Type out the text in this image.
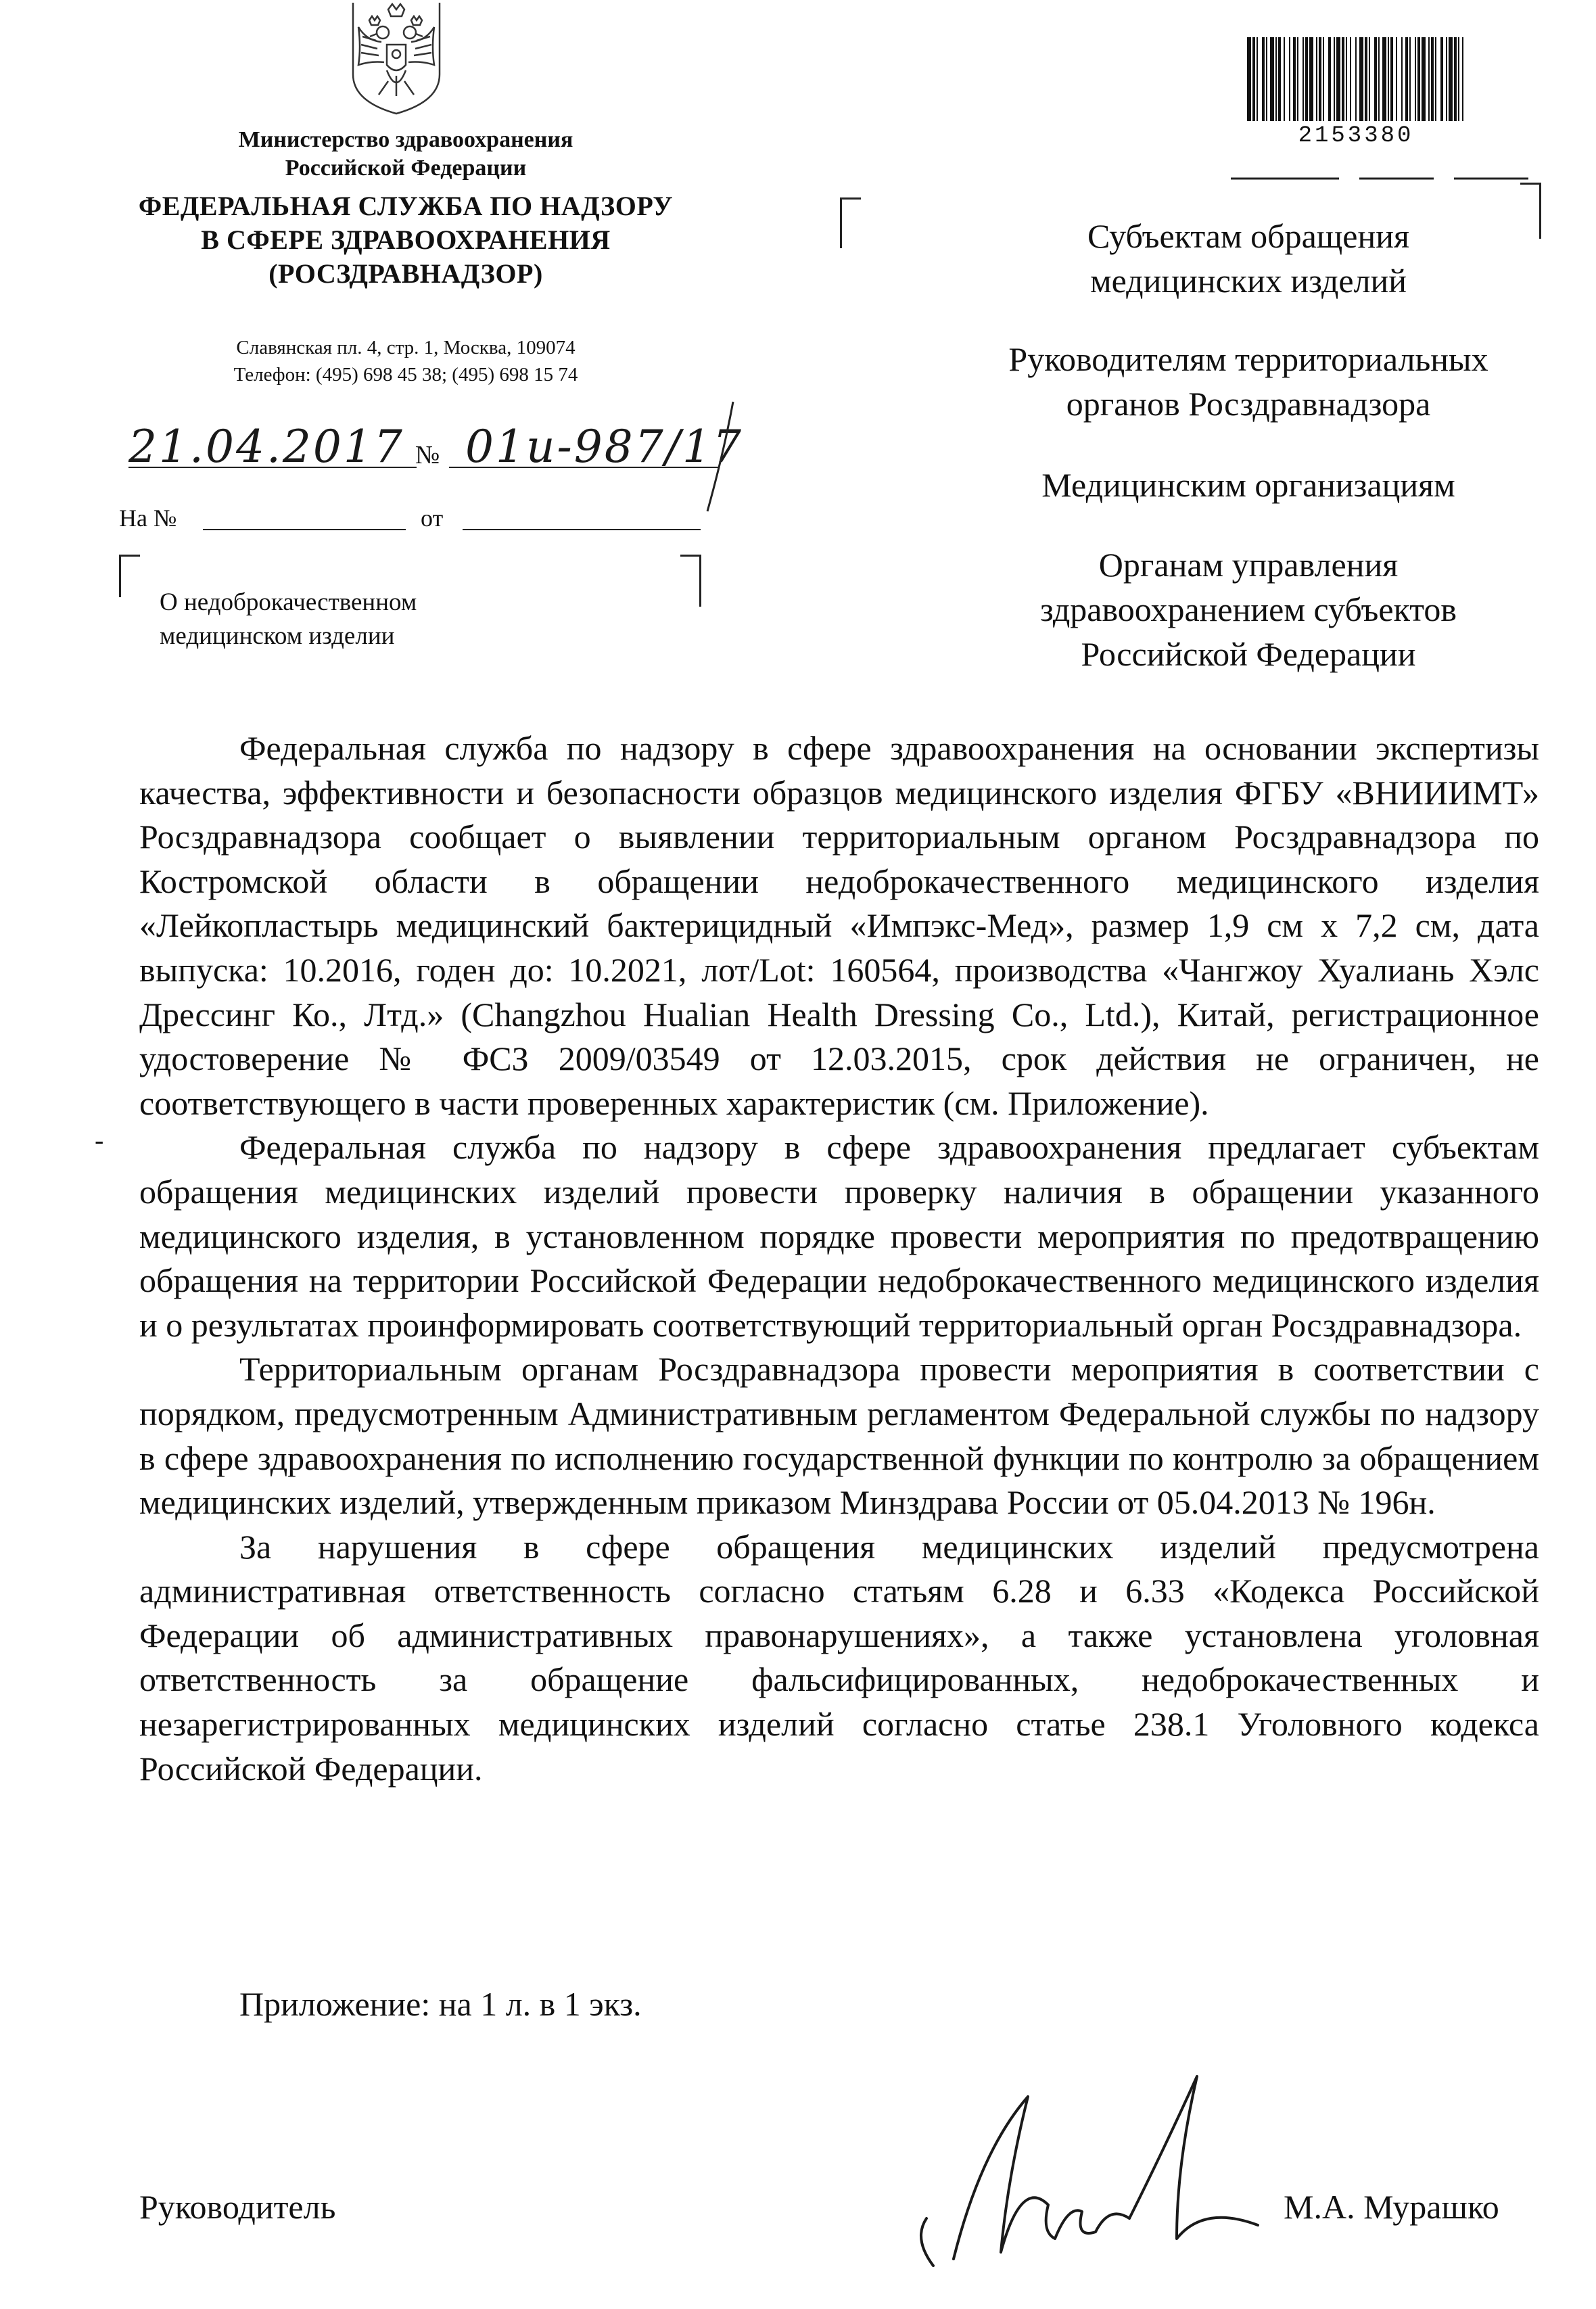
Министерство здравоохранения
Российской Федерации
ФЕДЕРАЛЬНАЯ СЛУЖБА ПО НАДЗОРУ
В СФЕРЕ ЗДРАВООХРАНЕНИЯ
(РОСЗДРАВНАДЗОР)
Славянская пл. 4, стр. 1, Москва, 109074
Телефон: (495) 698 45 38; (495) 698 15 74
21.04.2017 № 01и-987/17
На №	от
О недоброкачественном
медицинском изделии
2153380
Субъектам обращения
медицинских изделий
Руководителям территориальных
органов Росздравнадзора
Медицинским организациям
Органам управления
здравоохранением субъектов
Российской Федерации

Федеральная служба по надзору в сфере здравоохранения на основании экспертизы качества, эффективности и безопасности образцов медицинского изделия ФГБУ «ВНИИИМТ» Росздравнадзора сообщает о выявлении территориальным органом Росздравнадзора по Костромской области в обращении недоброкачественного медицинского изделия «Лейкопластырь медицинский бактерицидный «Импэкс-Мед», размер 1,9 см х 7,2 см, дата выпуска: 10.2016, годен до: 10.2021, лот/Lot: 160564, производства «Чангжоу Хуалиань Хэлс Дрессинг Ко., Лтд.» (Changzhou Hualian Health Dressing Co., Ltd.), Китай, регистрационное удостоверение № ФСЗ 2009/03549 от 12.03.2015, срок действия не ограничен, не соответствующего в части проверенных характеристик (см. Приложение).

Федеральная служба по надзору в сфере здравоохранения предлагает субъектам обращения медицинских изделий провести проверку наличия в обращении указанного медицинского изделия, в установленном порядке провести мероприятия по предотвращению обращения на территории Российской Федерации недоброкачественного медицинского изделия и о результатах проинформировать соответствующий территориальный орган Росздравнадзора.

Территориальным органам Росздравнадзора провести мероприятия в соответствии с порядком, предусмотренным Административным регламентом Федеральной службы по надзору в сфере здравоохранения по исполнению государственной функции по контролю за обращением медицинских изделий, утвержденным приказом Минздрава России от 05.04.2013 № 196н.

За нарушения в сфере обращения медицинских изделий предусмотрена административная ответственность согласно статьям 6.28 и 6.33 «Кодекса Российской Федерации об административных правонарушениях», а также установлена уголовная ответственность за обращение фальсифицированных, недоброкачественных и незарегистрированных медицинских изделий согласно статье 238.1 Уголовного кодекса Российской Федерации.

-
Приложение: на 1 л. в 1 экз.
Руководитель	М.А. Мурашко
